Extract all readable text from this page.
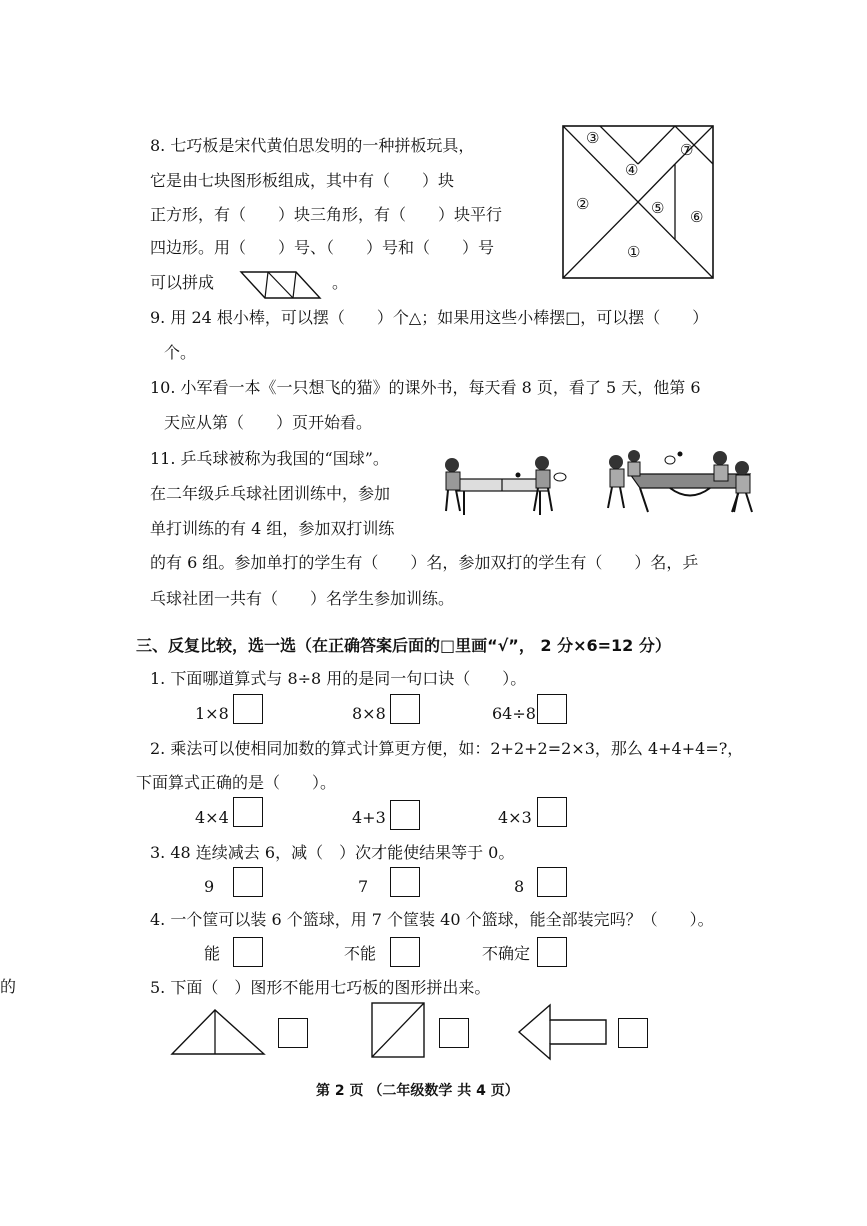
8. 七巧板是宋代黄伯思发明的一种拼板玩具，
它是由七块图形板组成，其中有（　　）块
正方形，有（　　）块三角形，有（　　）块平行
四边形。用（　　）号、（　　）号和（　　）号
可以拼成	。
③
④
⑦
②	⑤ ⑥
①
9. 用 24 根小棒，可以摆（　　）个△；如果用这些小棒摆□，可以摆（　　）
个。
10. 小军看一本《一只想飞的猫》的课外书，每天看 8 页，看了 5 天，他第 6
天应从第（　　）页开始看。
11. 乒乓球被称为我国的“国球”。
在二年级乒乓球社团训练中，参加
单打训练的有 4 组，参加双打训练
的有 6 组。参加单打的学生有（　　）名，参加双打的学生有（　　）名，乒
乓球社团一共有（　　）名学生参加训练。
三、反复比较，选一选（在正确答案后面的□里画“√”， 2 分×6=12 分）
1. 下面哪道算式与 8÷8 用的是同一句口诀（　　）。
1×8	8×8	64÷8
2. 乘法可以使相同加数的算式计算更方便，如：2+2+2=2×3，那么 4+4+4=?，
下面算式正确的是（　　）。
4×4	4+3	4×3
3. 48 连续减去 6，减（　）次才能使结果等于 0。
9	7	8
4. 一个筐可以装 6 个篮球，用 7 个筐装 40 个篮球，能全部装完吗？（　　）。
能	不能	不确定
5. 下面（　）图形不能用七巧板的图形拼出来。
第 2 页 （二年级数学 共 4 页）
的
